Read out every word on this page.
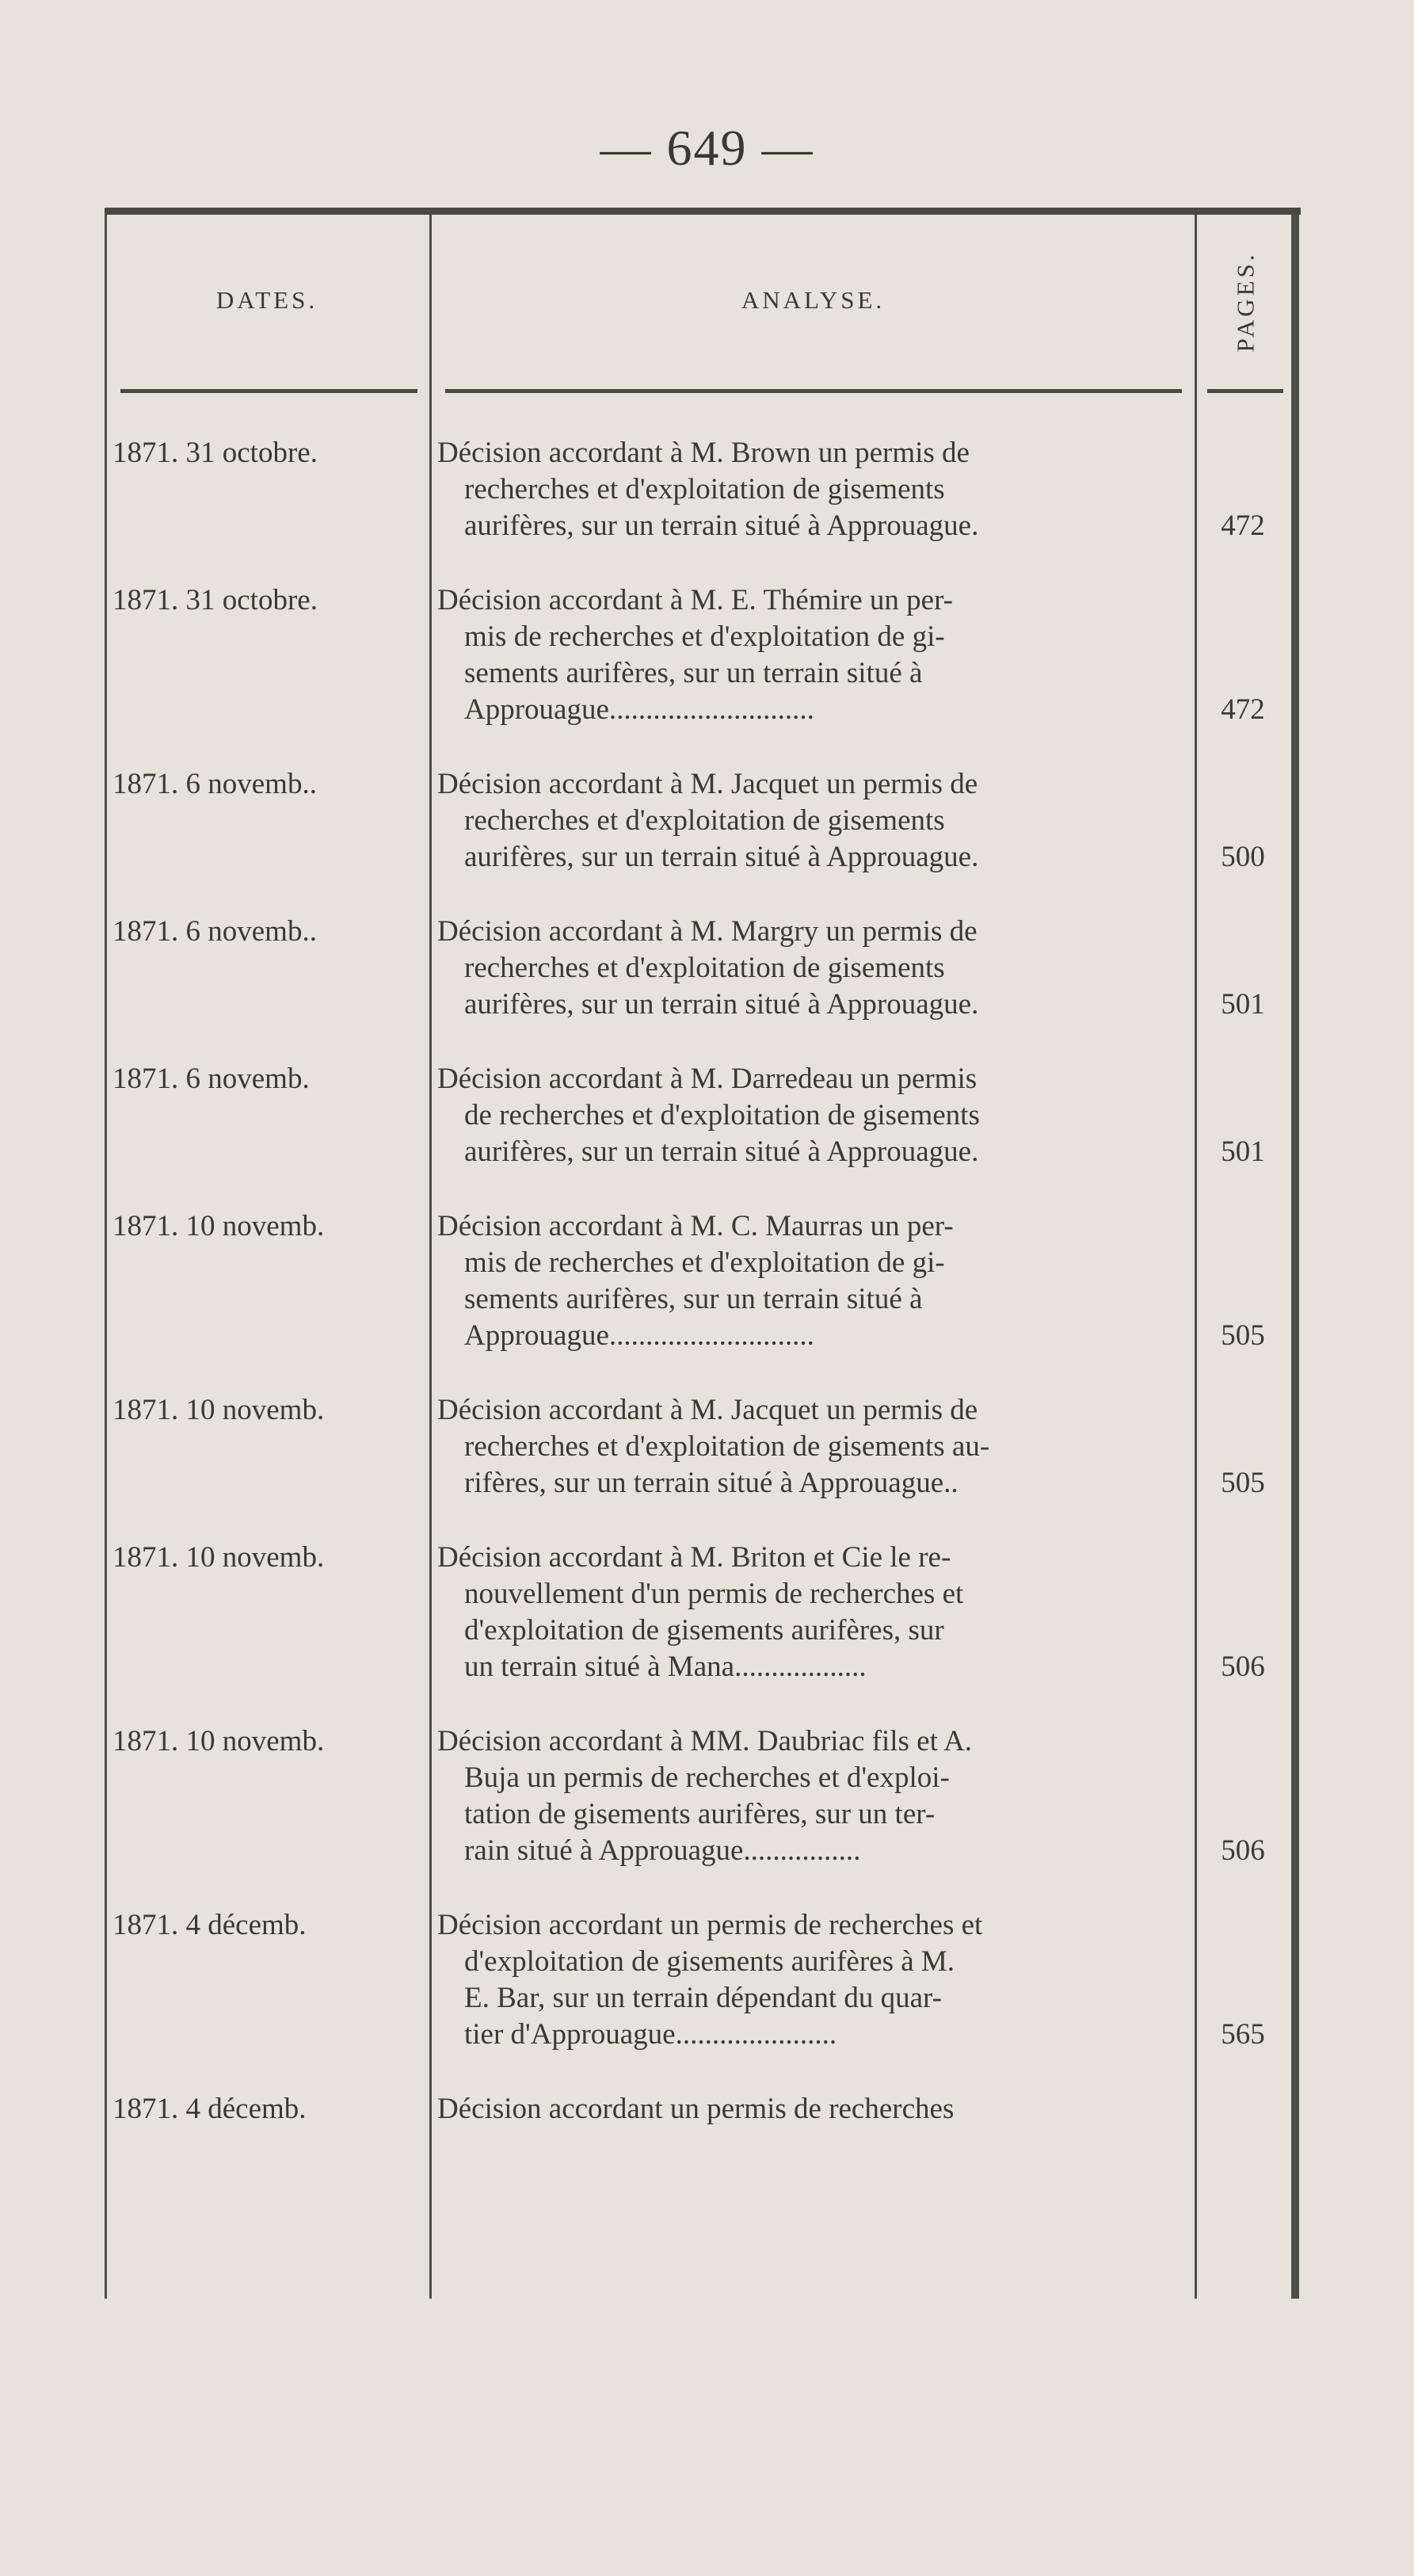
— 649 —
DATES.	ANALYSE.	PAGES.
1871. 31 octobre.	Décision accordant à M. Brown un permis de
recherches et d'exploitation de gisements
aurifères, sur un terrain situé à Approuague.	472
1871. 31 octobre.	Décision accordant à M. E. Thémire un per-
mis de recherches et d'exploitation de gi-
sements aurifères, sur un terrain situé à
Approuague............................	472
1871. 6 novemb..	Décision accordant à M. Jacquet un permis de
recherches et d'exploitation de gisements
aurifères, sur un terrain situé à Approuague.	500
1871. 6 novemb..	Décision accordant à M. Margry un permis de
recherches et d'exploitation de gisements
aurifères, sur un terrain situé à Approuague.	501
1871. 6 novemb.	Décision accordant à M. Darredeau un permis
de recherches et d'exploitation de gisements
aurifères, sur un terrain situé à Approuague.	501
1871. 10 novemb.	Décision accordant à M. C. Maurras un per-
mis de recherches et d'exploitation de gi-
sements aurifères, sur un terrain situé à
Approuague............................	505
1871. 10 novemb.	Décision accordant à M. Jacquet un permis de
recherches et d'exploitation de gisements au-
rifères, sur un terrain situé à Approuague..	505
1871. 10 novemb.	Décision accordant à M. Briton et Cie le re-
nouvellement d'un permis de recherches et
d'exploitation de gisements aurifères, sur
un terrain situé à Mana..................	506
1871. 10 novemb.	Décision accordant à MM. Daubriac fils et A.
Buja un permis de recherches et d'exploi-
tation de gisements aurifères, sur un ter-
rain situé à Approuague................	506
1871. 4 décemb.	Décision accordant un permis de recherches et
d'exploitation de gisements aurifères à M.
E. Bar, sur un terrain dépendant du quar-
tier d'Approuague......................	565
1871. 4 décemb.	Décision accordant un permis de recherches
